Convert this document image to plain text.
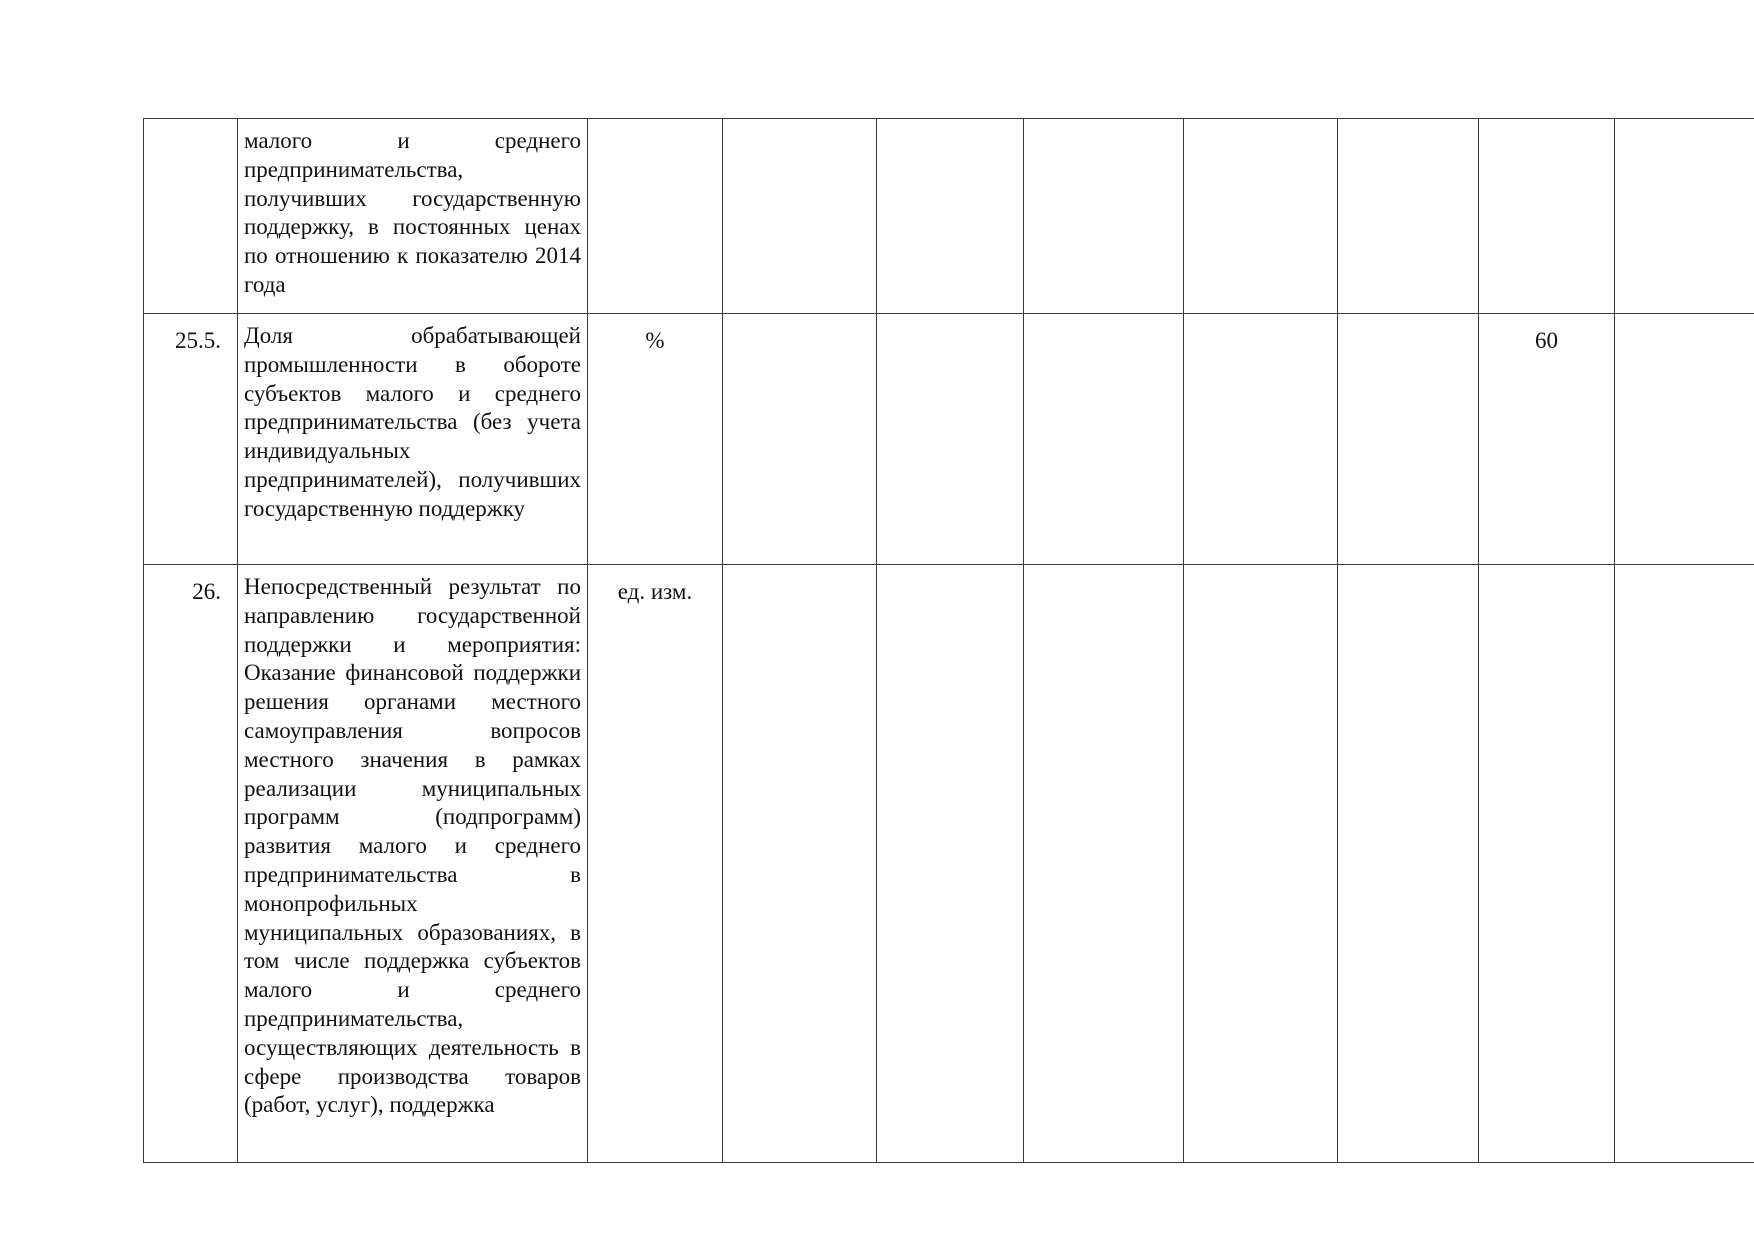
	малого и среднего предпринимательства, получивших государственную поддержку, в постоянных ценах по отношению к показателю 2014 года								

25.5.	Доля обрабатывающей промышленности в обороте субъектов малого и среднего предпринимательства (без учета индивидуальных предпринимателей), получивших государственную поддержку	%						60	
26.	Непосредственный результат по направлению государственной поддержки и мероприятия: Оказание финансовой поддержки решения органами местного самоуправления вопросов местного значения в рамках реализации муниципальных программ (подпрограмм) развития малого и среднего предпринимательства в монопрофильных муниципальных образованиях, в том числе поддержка субъектов малого и среднего предпринимательства, осуществляющих деятельность в сфере производства товаров (работ, услуг), поддержка	ед. изм.							
